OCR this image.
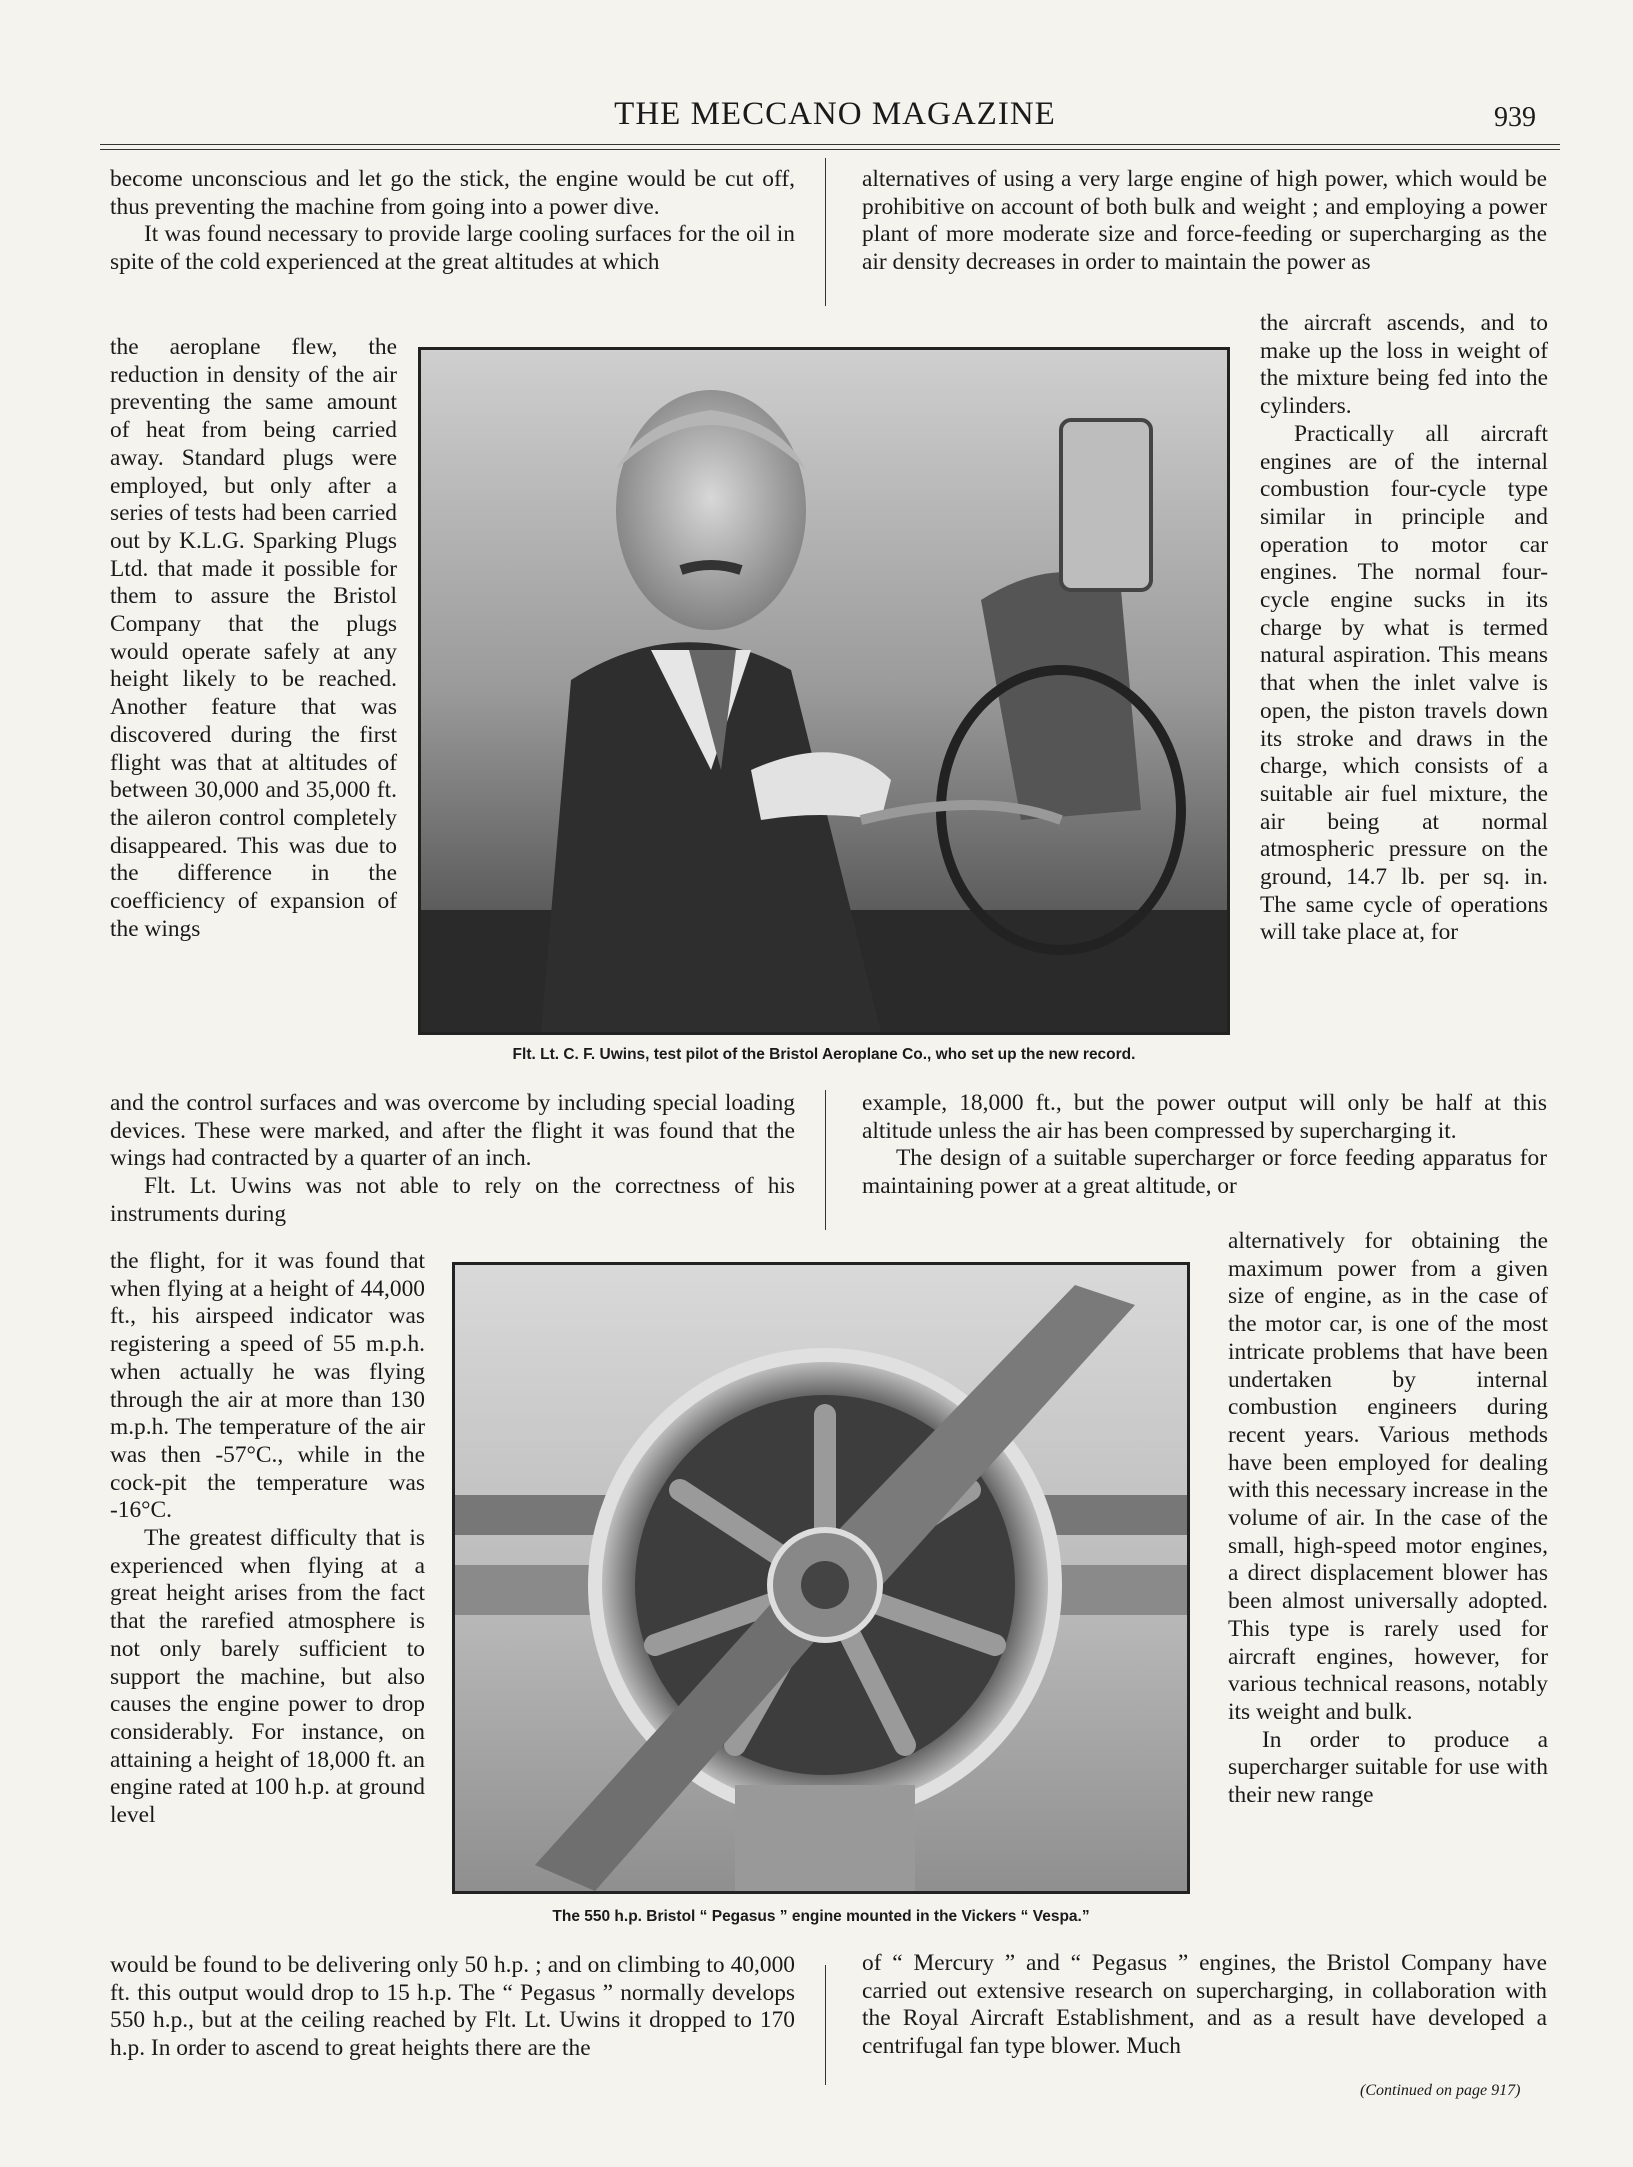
THE MECCANO MAGAZINE	939

become unconscious and let go the stick, the engine would be cut off, thus preventing the machine from going into a power dive.

It was found necessary to provide large cooling surfaces for the oil in spite of the cold experienced at the great altitudes at which

the aeroplane flew, the reduction in density of the air preventing the same amount of heat from being carried away. Standard plugs were employed, but only after a series of tests had been carried out by K.L.G. Sparking Plugs Ltd. that made it possible for them to assure the Bristol Company that the plugs would operate safely at any height likely to be reached. Another feature that was discovered during the first flight was that at altitudes of between 30,000 and 35,000 ft. the aileron control completely disappeared. This was due to the difference in the coefficiency of expansion of the wings

and the control surfaces and was overcome by including special loading devices. These were marked, and after the flight it was found that the wings had contracted by a quarter of an inch.

Flt. Lt. Uwins was not able to rely on the correctness of his instruments during

the flight, for it was found that when flying at a height of 44,000 ft., his airspeed indicator was registering a speed of 55 m.p.h. when actually he was flying through the air at more than 130 m.p.h. The temperature of the air was then -57°C., while in the cock-pit the temperature was -16°C.

The greatest difficulty that is experienced when flying at a great height arises from the fact that the rarefied atmosphere is not only barely sufficient to support the machine, but also causes the engine power to drop considerably. For instance, on attaining a height of 18,000 ft. an engine rated at 100 h.p. at ground level

would be found to be delivering only 50 h.p. ; and on climbing to 40,000 ft. this output would drop to 15 h.p. The “ Pegasus ” normally develops 550 h.p., but at the ceiling reached by Flt. Lt. Uwins it dropped to 170 h.p. In order to ascend to great heights there are the

alternatives of using a very large engine of high power, which would be prohibitive on account of both bulk and weight ; and employing a power plant of more moderate size and force-feeding or supercharging as the air density decreases in order to maintain the power as

the aircraft ascends, and to make up the loss in weight of the mixture being fed into the cylinders.

Practically all aircraft engines are of the internal combustion four-cycle type similar in principle and operation to motor car engines. The normal four-cycle engine sucks in its charge by what is termed natural aspiration. This means that when the inlet valve is open, the piston travels down its stroke and draws in the charge, which consists of a suitable air fuel mixture, the air being at normal atmospheric pressure on the ground, 14.7 lb. per sq. in. The same cycle of operations will take place at, for

example, 18,000 ft., but the power output will only be half at this altitude unless the air has been compressed by supercharging it.

The design of a suitable supercharger or force feeding apparatus for maintaining power at a great altitude, or

alternatively for obtaining the maximum power from a given size of engine, as in the case of the motor car, is one of the most intricate problems that have been undertaken by internal combustion engineers during recent years. Various methods have been employed for dealing with this necessary increase in the volume of air. In the case of the small, high-speed motor engines, a direct displacement blower has been almost universally adopted. This type is rarely used for aircraft engines, however, for various technical reasons, notably its weight and bulk.

In order to produce a supercharger suitable for use with their new range

of “ Mercury ” and “ Pegasus ” engines, the Bristol Company have carried out extensive research on supercharging, in collaboration with the Royal Aircraft Establishment, and as a result have developed a centrifugal fan type blower. Much

(Continued on page 917)
Flt. Lt. C. F. Uwins, test pilot of the Bristol Aeroplane Co., who set up the new record.
The 550 h.p. Bristol “ Pegasus ” engine mounted in the Vickers “ Vespa.”
